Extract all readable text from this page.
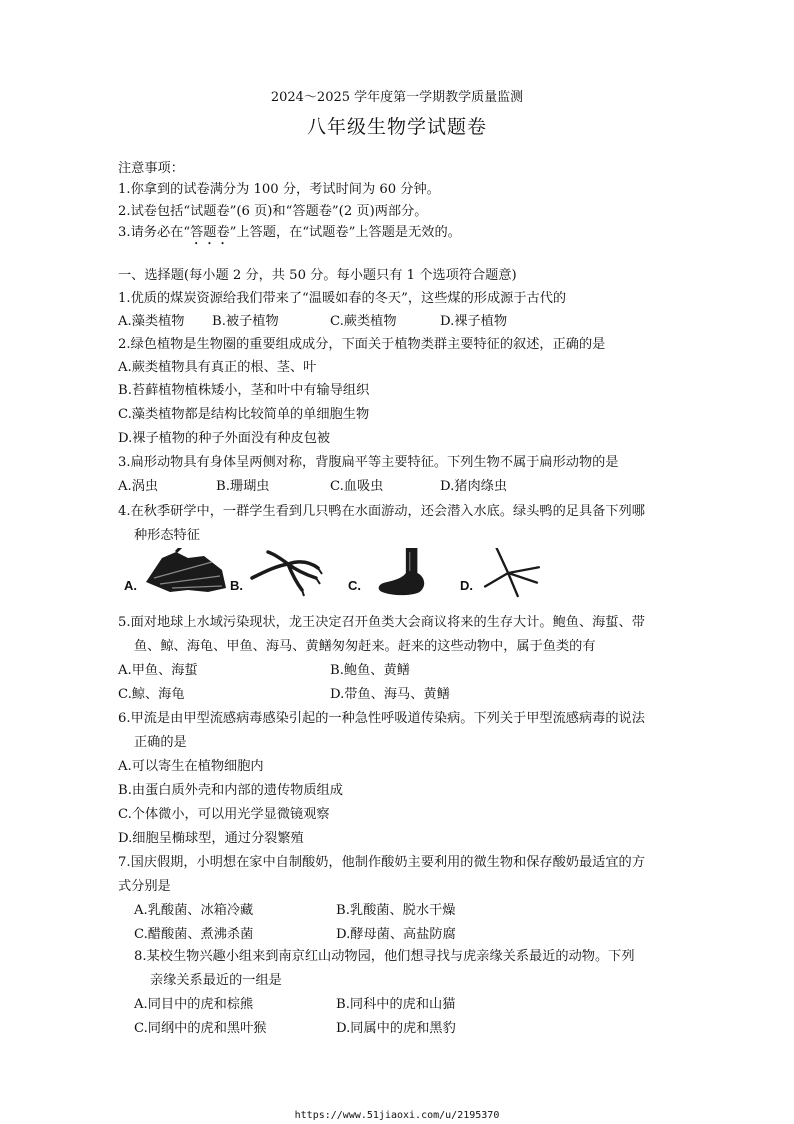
2024～2025 学年度第一学期教学质量监测
八年级生物学试题卷
注意事项：
1.你拿到的试卷满分为 100 分，考试时间为 60 分钟。
2.试卷包括“试题卷”(6 页)和“答题卷”(2 页)两部分。
3.请务必在“答题卷”上答题，在“试题卷”上答题是无效的。
一、选择题(每小题 2 分，共 50 分。每小题只有 1 个选项符合题意)
1.优质的煤炭资源给我们带来了“温暖如春的冬天”，这些煤的形成源于古代的
A.藻类植物 B.被子植物	C.蕨类植物	D.裸子植物
2.绿色植物是生物圈的重要组成成分，下面关于植物类群主要特征的叙述，正确的是
A.蕨类植物具有真正的根、茎、叶
B.苔藓植物植株矮小，茎和叶中有输导组织
C.藻类植物都是结构比较简单的单细胞生物
D.裸子植物的种子外面没有种皮包被
3.扁形动物具有身体呈两侧对称，背腹扁平等主要特征。下列生物不属于扁形动物的是
A.涡虫	B.珊瑚虫	C.血吸虫	D.猪肉绦虫
4.在秋季研学中，一群学生看到几只鸭在水面游动，还会潜入水底。绿头鸭的足具备下列哪
种形态特征
A.	B.	C.	D.
5.面对地球上水域污染现状，龙王决定召开鱼类大会商议将来的生存大计。鲍鱼、海蜇、带
鱼、鲸、海龟、甲鱼、海马、黄鳝匆匆赶来。赶来的这些动物中，属于鱼类的有
A.甲鱼、海蜇	B.鲍鱼、黄鳝
C.鲸、海龟	D.带鱼、海马、黄鳝
6.甲流是由甲型流感病毒感染引起的一种急性呼吸道传染病。下列关于甲型流感病毒的说法
正确的是
A.可以寄生在植物细胞内
B.由蛋白质外壳和内部的遗传物质组成
C.个体微小，可以用光学显微镜观察
D.细胞呈椭球型，通过分裂繁殖
7.国庆假期，小明想在家中自制酸奶，他制作酸奶主要利用的微生物和保存酸奶最适宜的方
式分别是
A.乳酸菌、冰箱冷藏	B.乳酸菌、脱水干燥
C.醋酸菌、煮沸杀菌	D.酵母菌、高盐防腐
8.某校生物兴趣小组来到南京红山动物园，他们想寻找与虎亲缘关系最近的动物。下列
亲缘关系最近的一组是
A.同目中的虎和棕熊	B.同科中的虎和山猫
C.同纲中的虎和黑叶猴	D.同属中的虎和黑豹
https://www.51jiaoxi.com/u/2195370
